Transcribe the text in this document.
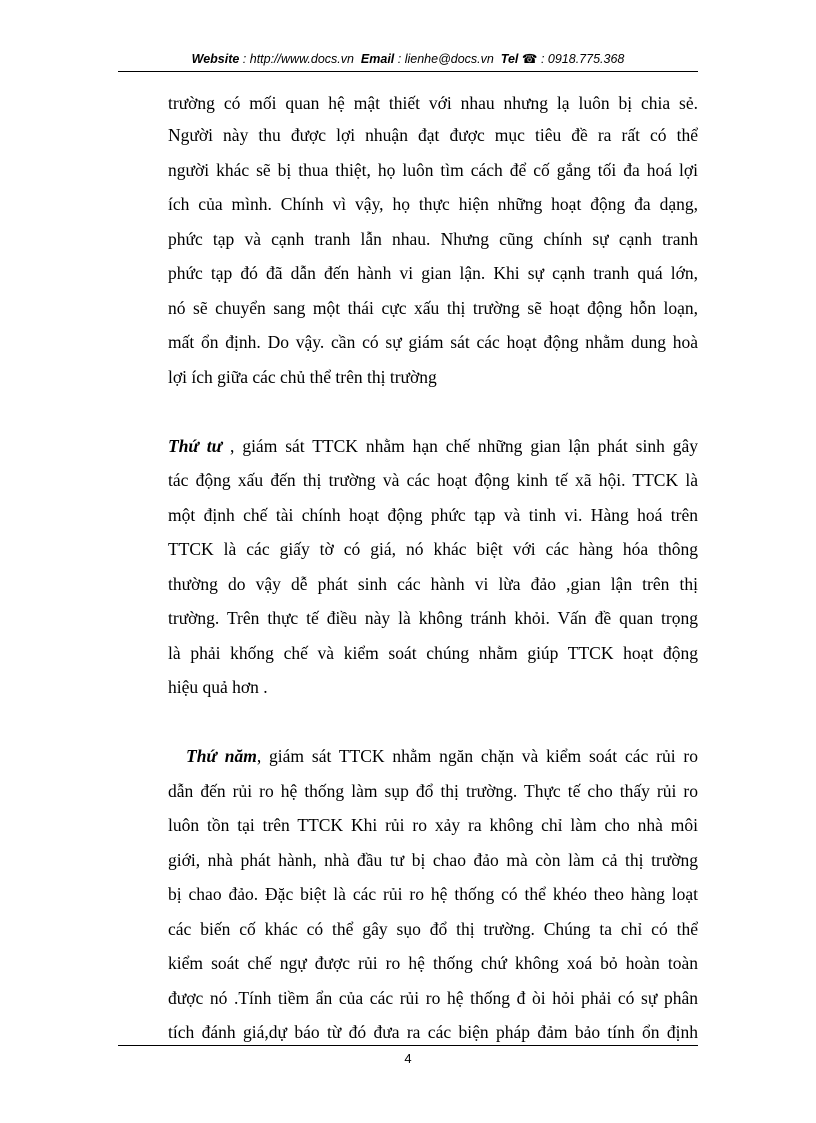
Website : http://www.docs.vn Email : lienhe@docs.vn Tel ☎ : 0918.775.368
trường có mối quan hệ mật thiết với nhau nhưng lạ luôn bị chia sẻ.
Người này thu được lợi nhuận đạt được mục tiêu đề ra rất có thể
người khác sẽ bị thua thiệt, họ luôn tìm cách để cố gắng tối đa hoá lợi
ích của mình. Chính vì vậy, họ thực hiện những hoạt động đa dạng,
phức tạp và cạnh tranh lẫn nhau. Nhưng cũng chính sự cạnh tranh
phức tạp đó đã dẫn đến hành vi gian lận. Khi sự cạnh tranh quá lớn,
nó sẽ chuyển sang một thái cực xấu thị trường sẽ hoạt động hỗn loạn,
mất ổn định. Do vậy. cần có sự giám sát các hoạt động nhằm dung hoà
lợi ích giữa các chủ thể trên thị trường
Thứ tư , giám sát TTCK nhằm hạn chế những gian lận phát sinh gây
tác động xấu đến thị trường và các hoạt động kinh tế xã hội. TTCK là
một định chế tài chính hoạt động phức tạp và tinh vi. Hàng hoá trên
TTCK là các giấy tờ có giá, nó khác biệt với các hàng hóa thông
thường do vậy dễ phát sinh các hành vi lừa đảo ,gian lận trên thị
trường. Trên thực tế điều này là không tránh khỏi. Vấn đề quan trọng
là phải khống chế và kiểm soát chúng nhằm giúp TTCK hoạt động
hiệu quả hơn .
Thứ năm, giám sát TTCK nhằm ngăn chặn và kiểm soát các rủi ro
dẫn đến rủi ro hệ thống làm sụp đổ thị trường. Thực tế cho thấy rủi ro
luôn tồn tại trên TTCK Khi rủi ro xảy ra không chỉ làm cho nhà môi
giới, nhà phát hành, nhà đầu tư bị chao đảo mà còn làm cả thị trường
bị chao đảo. Đặc biệt là các rủi ro hệ thống có thể khéo theo hàng loạt
các biến cố khác có thể gây sụo đổ thị trường. Chúng ta chỉ có thể
kiểm soát chế ngự được rủi ro hệ thống chứ không xoá bỏ hoàn toàn
được nó .Tính tiềm ẩn của các rủi ro hệ thống đ òi hỏi phải có sự phân
tích đánh giá,dự báo từ đó đưa ra các biện pháp đảm bảo tính ổn định
4
